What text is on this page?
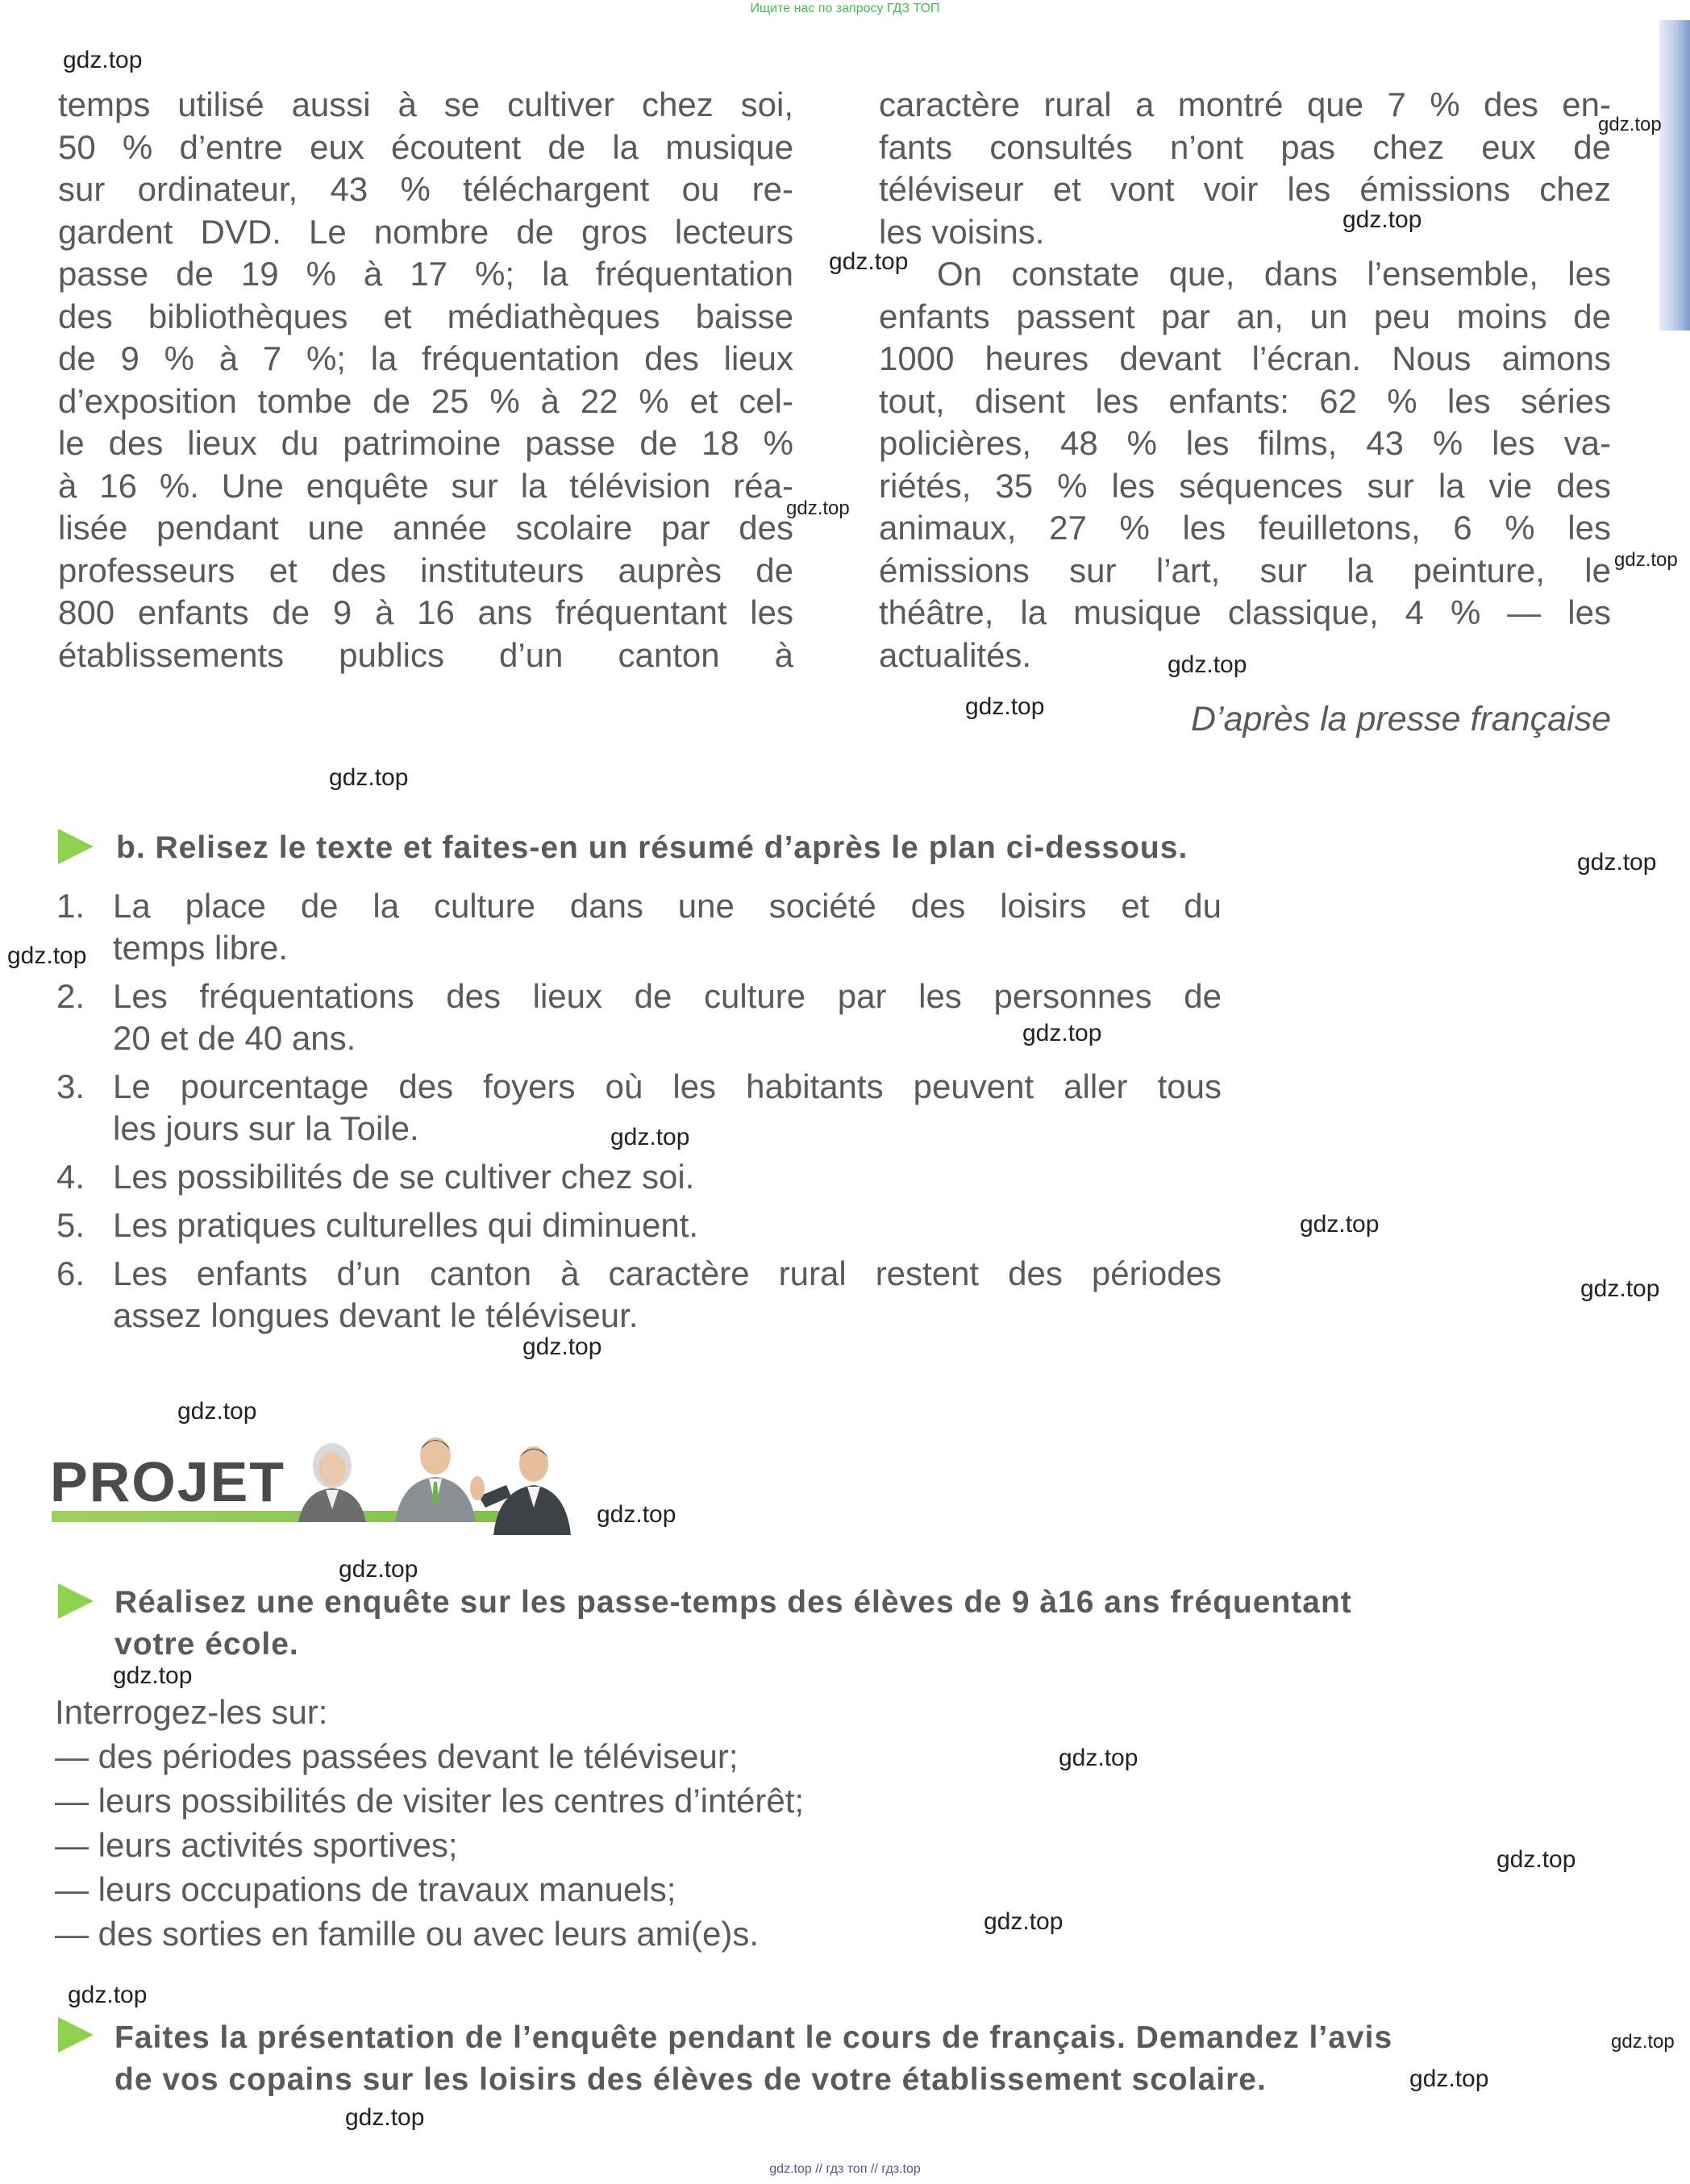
Ищите нас по запросу ГДЗ ТОП
temps utilisé aussi à se cultiver chez soi,
50 % d’entre eux écoutent de la musique
sur ordinateur, 43 % téléchargent ou re-
gardent DVD. Le nombre de gros lecteurs
passe de 19 % à 17 %; la fréquentation
des bibliothèques et médiathèques baisse
de 9 % à 7 %; la fréquentation des lieux
d’exposition tombe de 25 % à 22 % et cel-
le des lieux du patrimoine passe de 18 %
à 16 %. Une enquête sur la télévision réa-
lisée pendant une année scolaire par des
professeurs et des instituteurs auprès de
800 enfants de 9 à 16 ans fréquentant les
établissements publics d’un canton à
caractère rural a montré que 7 % des en-
fants consultés n’ont pas chez eux de
téléviseur et vont voir les émissions chez
les voisins.
On constate que, dans l’ensemble, les
enfants passent par an, un peu moins de
1000 heures devant l’écran. Nous aimons
tout, disent les enfants: 62 % les séries
policières, 48 % les films, 43 % les va-
riétés, 35 % les séquences sur la vie des
animaux, 27 % les feuilletons, 6 % les
émissions sur l’art, sur la peinture, le
théâtre, la musique classique, 4 % — les
actualités.
D’après la presse française

b. Relisez le texte et faites-en un résumé d’après le plan ci-dessous.

1. La place de la culture dans une société des loisirs et du
temps libre.
2. Les fréquentations des lieux de culture par les personnes de
20 et de 40 ans.
3. Le pourcentage des foyers où les habitants peuvent aller tous
les jours sur la Toile.
4. Les possibilités de se cultiver chez soi.
5. Les pratiques culturelles qui diminuent.
6. Les enfants d’un canton à caractère rural restent des périodes
assez longues devant le téléviseur.
PROJET

Réalisez une enquête sur les passe-temps des élèves de 9 à16 ans fréquentant
votre école.

Interrogez-les sur:
— des périodes passées devant le téléviseur;
— leurs possibilités de visiter les centres d’intérêt;
— leurs activités sportives;
— leurs occupations de travaux manuels;
— des sorties en famille ou avec leurs ami(e)s.

Faites la présentation de l’enquête pendant le cours de français. Demandez l’avis
de vos copains sur les loisirs des élèves de votre établissement scolaire.

gdz.top
gdz.top
gdz.top
gdz.top
gdz.top
gdz.top
gdz.top
gdz.top
gdz.top
gdz.top
gdz.top
gdz.top
gdz.top
gdz.top
gdz.top
gdz.top
gdz.top
gdz.top
gdz.top
gdz.top
gdz.top
gdz.top
gdz.top
gdz.top
gdz.top
gdz.top
gdz.top
gdz.top // гдз топ // гдз.top
